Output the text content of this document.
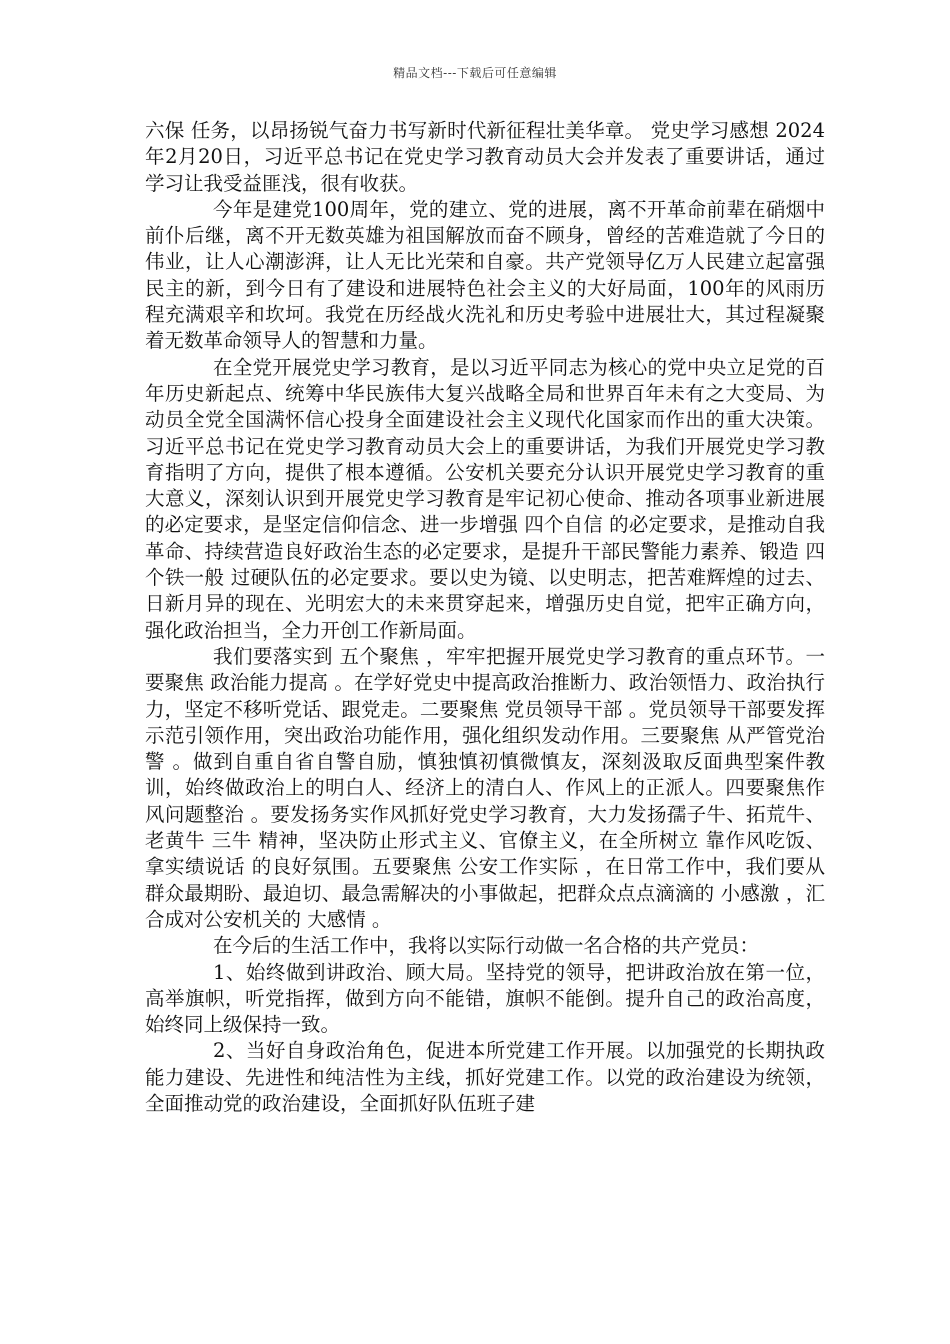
精品文档---下载后可任意编辑

六保 任务，以昂扬锐气奋力书写新时代新征程壮美华章。 党史学习感想 2024年2月20日，习近平总书记在党史学习教育动员大会并发表了重要讲话，通过学习让我受益匪浅，很有收获。

今年是建党100周年，党的建立、党的进展，离不开革命前辈在硝烟中前仆后继，离不开无数英雄为祖国解放而奋不顾身，曾经的苦难造就了今日的伟业，让人心潮澎湃，让人无比光荣和自豪。共产党领导亿万人民建立起富强民主的新，到今日有了建设和进展特色社会主义的大好局面，100年的风雨历程充满艰辛和坎坷。我党在历经战火洗礼和历史考验中进展壮大，其过程凝聚着无数革命领导人的智慧和力量。

在全党开展党史学习教育，是以习近平同志为核心的党中央立足党的百年历史新起点、统筹中华民族伟大复兴战略全局和世界百年未有之大变局、为动员全党全国满怀信心投身全面建设社会主义现代化国家而作出的重大决策。习近平总书记在党史学习教育动员大会上的重要讲话，为我们开展党史学习教育指明了方向，提供了根本遵循。公安机关要充分认识开展党史学习教育的重大意义，深刻认识到开展党史学习教育是牢记初心使命、推动各项事业新进展的必定要求，是坚定信仰信念、进一步增强 四个自信 的必定要求，是推动自我革命、持续营造良好政治生态的必定要求，是提升干部民警能力素养、锻造 四个铁一般 过硬队伍的必定要求。要以史为镜、以史明志，把苦难辉煌的过去、日新月异的现在、光明宏大的未来贯穿起来，增强历史自觉，把牢正确方向，强化政治担当，全力开创工作新局面。

我们要落实到 五个聚焦 ，牢牢把握开展党史学习教育的重点环节。一要聚焦 政治能力提高 。在学好党史中提高政治推断力、政治领悟力、政治执行力，坚定不移听党话、跟党走。二要聚焦 党员领导干部 。党员领导干部要发挥示范引领作用，突出政治功能作用，强化组织发动作用。三要聚焦 从严管党治警 。做到自重自省自警自励，慎独慎初慎微慎友，深刻汲取反面典型案件教训，始终做政治上的明白人、经济上的清白人、作风上的正派人。四要聚焦作风问题整治 。要发扬务实作风抓好党史学习教育，大力发扬孺子牛、拓荒牛、老黄牛 三牛 精神，坚决防止形式主义、官僚主义，在全所树立 靠作风吃饭、拿实绩说话 的良好氛围。五要聚焦 公安工作实际 ，在日常工作中，我们要从群众最期盼、最迫切、最急需解决的小事做起，把群众点点滴滴的 小感激 ，汇合成对公安机关的 大感情 。

在今后的生活工作中，我将以实际行动做一名合格的共产党员：

1、始终做到讲政治、顾大局。坚持党的领导，把讲政治放在第一位，高举旗帜，听党指挥，做到方向不能错，旗帜不能倒。提升自己的政治高度，始终同上级保持一致。

2、当好自身政治角色，促进本所党建工作开展。以加强党的长期执政能力建设、先进性和纯洁性为主线，抓好党建工作。以党的政治建设为统领，全面推动党的政治建设，全面抓好队伍班子建
